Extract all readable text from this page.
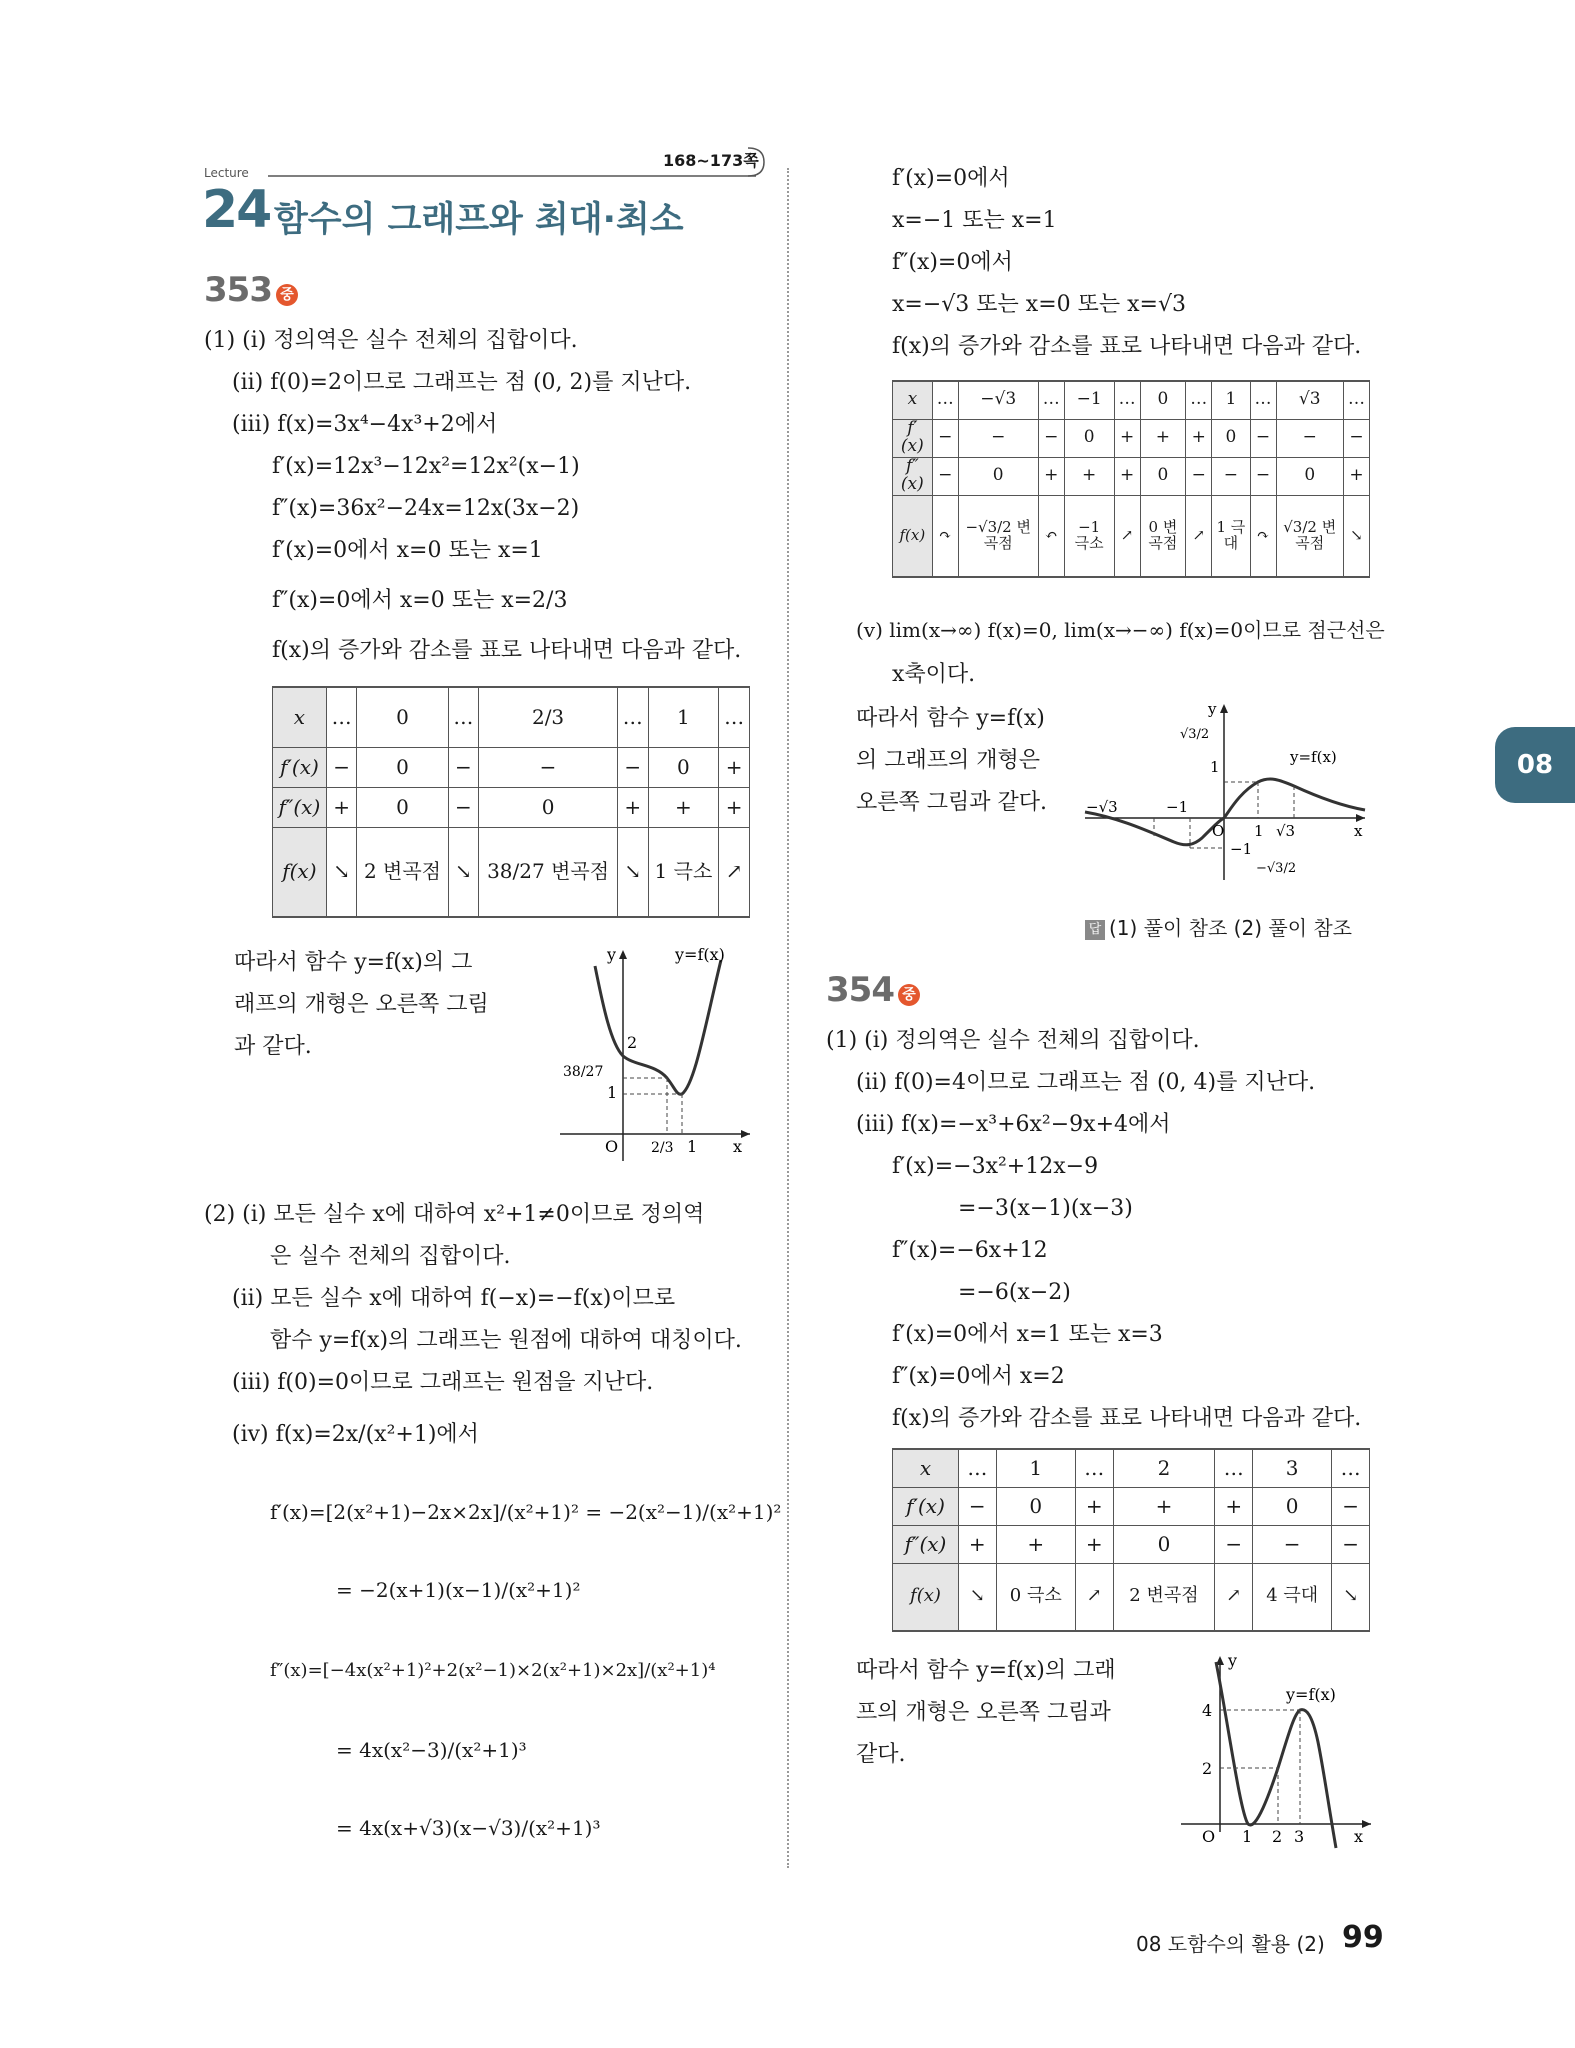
168~173쪽
Lecture
24 함수의 그래프와 최대·최소
08
353 중
(1) (i) 정의역은 실수 전체의 집합이다.
(ii) f(0)=2이므로 그래프는 점 (0, 2)를 지난다.
(iii) f(x)=3x⁴−4x³+2에서
f′(x)=12x³−12x²=12x²(x−1)
f″(x)=36x²−24x=12x(3x−2)
f′(x)=0에서 x=0 또는 x=1
f″(x)=0에서 x=0 또는 x=2/3
f(x)의 증가와 감소를 표로 나타내면 다음과 같다.
x	…	0	…	2/3	…	1	…
f′(x)	−	0	−	−	−	0	+
f″(x)	+	0	−	0	+	+	+
f(x)	↘	2 변곡점	↘	38/27 변곡점	↘	1 극소	↗
따라서 함수 y=f(x)의 그
래프의 개형은 오른쪽 그림
과 같다.
y	y=f(x)
2
38/27
1
O 2/3 1 x
(2) (i) 모든 실수 x에 대하여 x²+1≠0이므로 정의역
은 실수 전체의 집합이다.
(ii) 모든 실수 x에 대하여 f(−x)=−f(x)이므로
함수 y=f(x)의 그래프는 원점에 대하여 대칭이다.
(iii) f(0)=0이므로 그래프는 원점을 지난다.
(iv) f(x)=2x/(x²+1)에서
f′(x)=[2(x²+1)−2x×2x]/(x²+1)² = −2(x²−1)/(x²+1)²
= −2(x+1)(x−1)/(x²+1)²
f″(x)=[−4x(x²+1)²+2(x²−1)×2(x²+1)×2x]/(x²+1)⁴
= 4x(x²−3)/(x²+1)³
= 4x(x+√3)(x−√3)/(x²+1)³
f′(x)=0에서
x=−1 또는 x=1
f″(x)=0에서
x=−√3 또는 x=0 또는 x=√3
f(x)의 증가와 감소를 표로 나타내면 다음과 같다.
x	…	−√3	…	−1	…	0	…	1	…	√3	…
f′(x)	−	−	−	0	+	+	+	0	−	−	−
f″(x)	−	0	+	+	+	0	−	−	−	0	+
f(x)	↷	−√3/2 변곡점	↶	−1 극소	↗	0 변곡점	↗	1 극대	↷	√3/2 변곡점	↘
(v) lim(x→∞) f(x)=0, lim(x→−∞) f(x)=0이므로 점근선은
x축이다.
따라서 함수 y=f(x)
의 그래프의 개형은
오른쪽 그림과 같다.
y
y=f(x)
√3/2
1
−√3	−1
O 1 √3
−1
−√3/2
x
답 (1) 풀이 참조 (2) 풀이 참조
354 중
(1) (i) 정의역은 실수 전체의 집합이다.
(ii) f(0)=4이므로 그래프는 점 (0, 4)를 지난다.
(iii) f(x)=−x³+6x²−9x+4에서
f′(x)=−3x²+12x−9
=−3(x−1)(x−3)
f″(x)=−6x+12
=−6(x−2)
f′(x)=0에서 x=1 또는 x=3
f″(x)=0에서 x=2
f(x)의 증가와 감소를 표로 나타내면 다음과 같다.
x	…	1	…	2	…	3	…
f′(x)	−	0	+	+	+	0	−
f″(x)	+	+	+	0	−	−	−
f(x)	↘	0 극소	↗	2 변곡점	↗	4 극대	↘
따라서 함수 y=f(x)의 그래
프의 개형은 오른쪽 그림과
같다.
y
y=f(x)
4
2
O 1 2 3	x
08 도함수의 활용 (2) 99
